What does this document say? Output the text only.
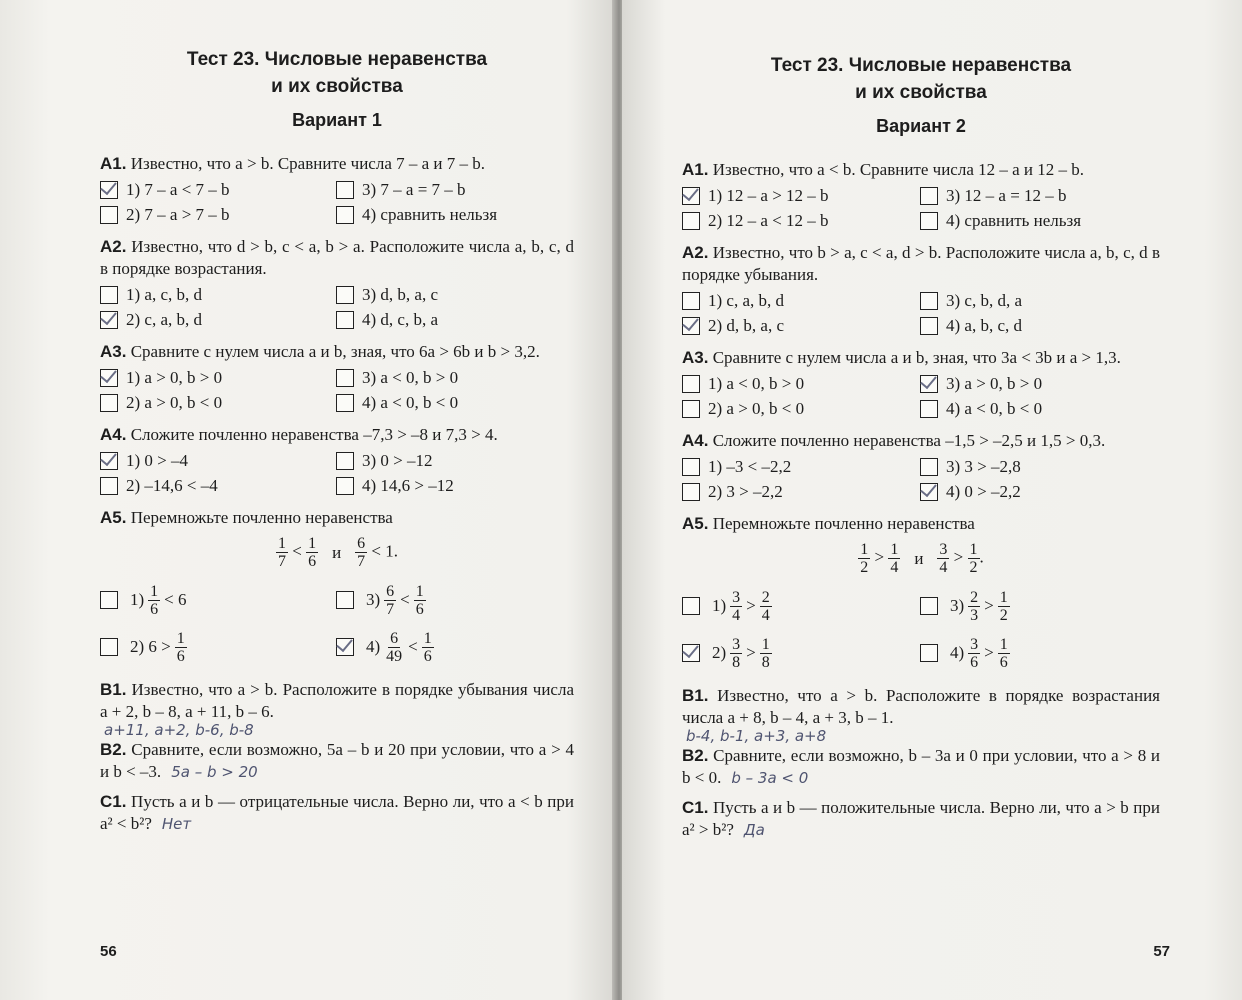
Тест 23. Числовые неравенства

и их свойства

Вариант 1

А1. Известно, что a > b. Сравните числа 7 – a и 7 – b.

1) 7 – a < 7 – b	3) 7 – a = 7 – b
2) 7 – a > 7 – b	4) сравнить нельзя

А2. Известно, что d > b, c < a, b > a. Расположите числа a, b, c, d в порядке возрастания.

1) a, c, b, d	3) d, b, a, c
2) c, a, b, d	4) d, c, b, a

А3. Сравните с нулем числа a и b, зная, что 6a > 6b и b > 3,2.

1) a > 0, b > 0	3) a < 0, b > 0
2) a > 0, b < 0	4) a < 0, b < 0

А4. Сложите почленно неравенства –7,3 > –8 и 7,3 > 4.

1) 0 > –4	3) 0 > –12
2) –14,6 < –4	4) 14,6 > –12

А5. Перемножьте почленно неравенства

$\frac{1}{7} < \frac{1}{6}$ и $\frac{6}{7} < 1$.
$1) \frac{1}{6} < 6$	$3) \frac{6}{7} < \frac{1}{6}$
2) $6 > \frac{1}{6}$	$4) \frac{6}{49} < \frac{1}{6}$

В1. Известно, что a > b. Расположите в порядке убывания числа a + 2, b – 8, a + 11, b – 6.

a+11, a+2, b-6, b-8

В2. Сравните, если возможно, 5a – b и 20 при условии, что a > 4 и b < –3. 5a – b > 20

С1. Пусть a и b — отрицательные числа. Верно ли, что a < b при a² < b²? Нет

56

Тест 23. Числовые неравенства

и их свойства

Вариант 2

А1. Известно, что a < b. Сравните числа 12 – a и 12 – b.

1) 12 – a > 12 – b	3) 12 – a = 12 – b
2) 12 – a < 12 – b	4) сравнить нельзя

А2. Известно, что b > a, c < a, d > b. Расположите числа a, b, c, d в порядке убывания.

1) c, a, b, d	3) c, b, d, a
2) d, b, a, c	4) a, b, c, d

А3. Сравните с нулем числа a и b, зная, что 3a < 3b и a > 1,3.

1) a < 0, b > 0	3) a > 0, b > 0
2) a > 0, b < 0	4) a < 0, b < 0

А4. Сложите почленно неравенства –1,5 > –2,5 и 1,5 > 0,3.

1) –3 < –2,2	3) 3 > –2,8
2) 3 > –2,2	4) 0 > –2,2

А5. Перемножьте почленно неравенства

$\frac{1}{2} > \frac{1}{4}$ и $\frac{3}{4} > \frac{1}{2}$ .
$1) \frac{3}{4} > \frac{2}{4}$	$3) \frac{2}{3} > \frac{1}{2}$
$2) \frac{3}{8} > \frac{1}{8}$	$4) \frac{3}{6} > \frac{1}{6}$

В1. Известно, что a > b. Расположите в порядке возрастания числа a + 8, b – 4, a + 3, b – 1.

b-4, b-1, a+3, a+8

В2. Сравните, если возможно, b – 3a и 0 при условии, что a > 8 и b < 0. b – 3a < 0

С1. Пусть a и b — положительные числа. Верно ли, что a > b при a² > b²? Да

57
